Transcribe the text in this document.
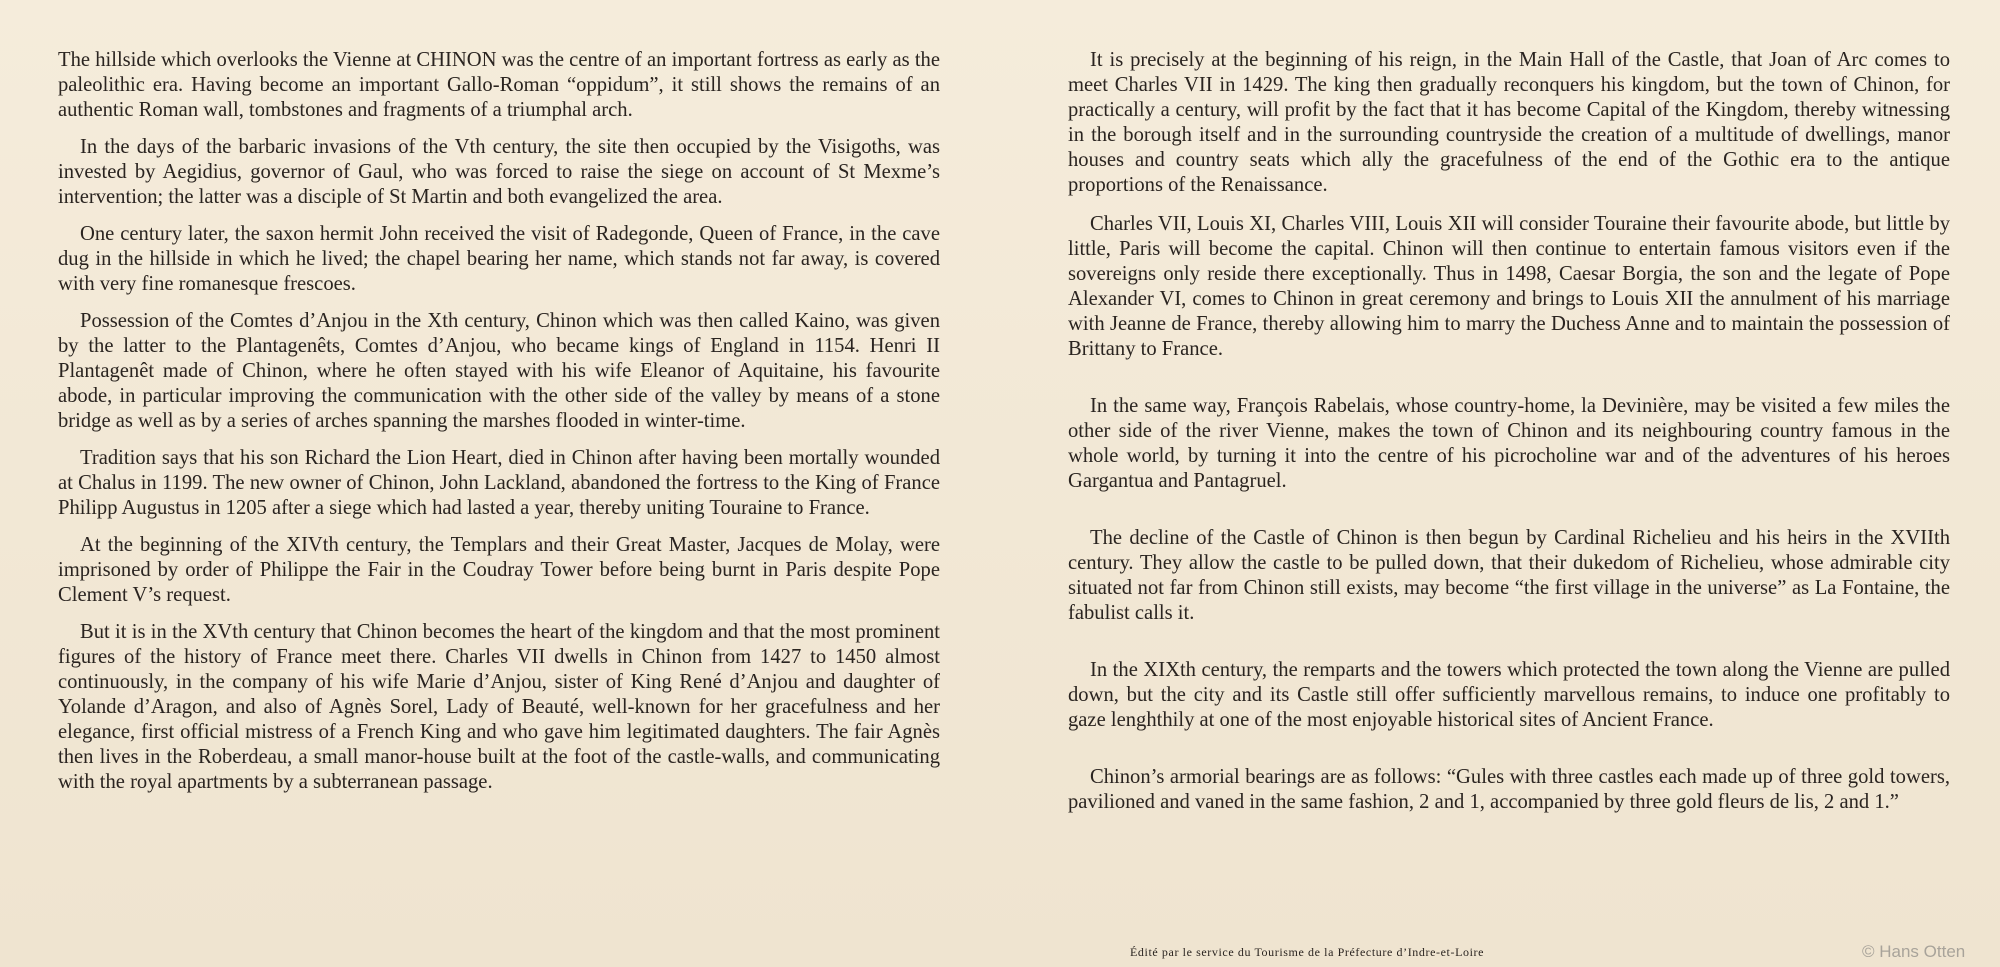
The hillside which overlooks the Vienne at CHINON was the centre of an important fortress as early as the paleolithic era. Having become an important Gallo-Roman “oppidum”, it still shows the remains of an authentic Roman wall, tombstones and fragments of a triumphal arch.

In the days of the barbaric invasions of the Vth century, the site then occupied by the Visigoths, was invested by Aegidius, governor of Gaul, who was forced to raise the siege on account of St Mexme’s intervention; the latter was a disciple of St Martin and both evangelized the area.

One century later, the saxon hermit John received the visit of Radegonde, Queen of France, in the cave dug in the hillside in which he lived; the chapel bearing her name, which stands not far away, is covered with very fine romanesque frescoes.

Possession of the Comtes d’Anjou in the Xth century, Chinon which was then called Kaino, was given by the latter to the Plantagenêts, Comtes d’Anjou, who became kings of England in 1154. Henri II Plantagenêt made of Chinon, where he often stayed with his wife Eleanor of Aquitaine, his favourite abode, in particular improving the communication with the other side of the valley by means of a stone bridge as well as by a series of arches spanning the marshes flooded in winter-time.

Tradition says that his son Richard the Lion Heart, died in Chinon after having been mortally wounded at Chalus in 1199. The new owner of Chinon, John Lackland, abandoned the fortress to the King of France Philipp Augustus in 1205 after a siege which had lasted a year, thereby uniting Touraine to France.

At the beginning of the XIVth century, the Templars and their Great Master, Jacques de Molay, were imprisoned by order of Philippe the Fair in the Coudray Tower before being burnt in Paris despite Pope Clement V’s request.

But it is in the XVth century that Chinon becomes the heart of the kingdom and that the most prominent figures of the history of France meet there. Charles VII dwells in Chinon from 1427 to 1450 almost continuously, in the company of his wife Marie d’Anjou, sister of King René d’Anjou and daughter of Yolande d’Aragon, and also of Agnès Sorel, Lady of Beauté, well-known for her gracefulness and her elegance, first official mistress of a French King and who gave him legitimated daughters. The fair Agnès then lives in the Roberdeau, a small manor-house built at the foot of the castle-walls, and communicating with the royal apartments by a subterranean passage.

It is precisely at the beginning of his reign, in the Main Hall of the Castle, that Joan of Arc comes to meet Charles VII in 1429. The king then gradually reconquers his kingdom, but the town of Chinon, for practically a century, will profit by the fact that it has become Capital of the Kingdom, thereby witnessing in the borough itself and in the surrounding countryside the creation of a multitude of dwellings, manor houses and country seats which ally the gracefulness of the end of the Gothic era to the antique proportions of the Renaissance.

Charles VII, Louis XI, Charles VIII, Louis XII will consider Touraine their favourite abode, but little by little, Paris will become the capital. Chinon will then continue to entertain famous visitors even if the sovereigns only reside there exceptionally. Thus in 1498, Caesar Borgia, the son and the legate of Pope Alexander VI, comes to Chinon in great ceremony and brings to Louis XII the annulment of his marriage with Jeanne de France, thereby allowing him to marry the Duchess Anne and to maintain the possession of Brittany to France.

In the same way, François Rabelais, whose country-home, la Devinière, may be visited a few miles the other side of the river Vienne, makes the town of Chinon and its neighbouring country famous in the whole world, by turning it into the centre of his picrocholine war and of the adventures of his heroes Gargantua and Pantagruel.

The decline of the Castle of Chinon is then begun by Cardinal Richelieu and his heirs in the XVIIth century. They allow the castle to be pulled down, that their dukedom of Richelieu, whose admirable city situated not far from Chinon still exists, may become “the first village in the universe” as La Fontaine, the fabulist calls it.

In the XIXth century, the remparts and the towers which protected the town along the Vienne are pulled down, but the city and its Castle still offer sufficiently marvellous remains, to induce one profitably to gaze lenghthily at one of the most enjoyable historical sites of Ancient France.

Chinon’s armorial bearings are as follows: “Gules with three castles each made up of three gold towers, pavilioned and vaned in the same fashion, 2 and 1, accompanied by three gold fleurs de lis, 2 and 1.”

Édité par le service du Tourisme de la Préfecture d’Indre-et-Loire	© Hans Otten
